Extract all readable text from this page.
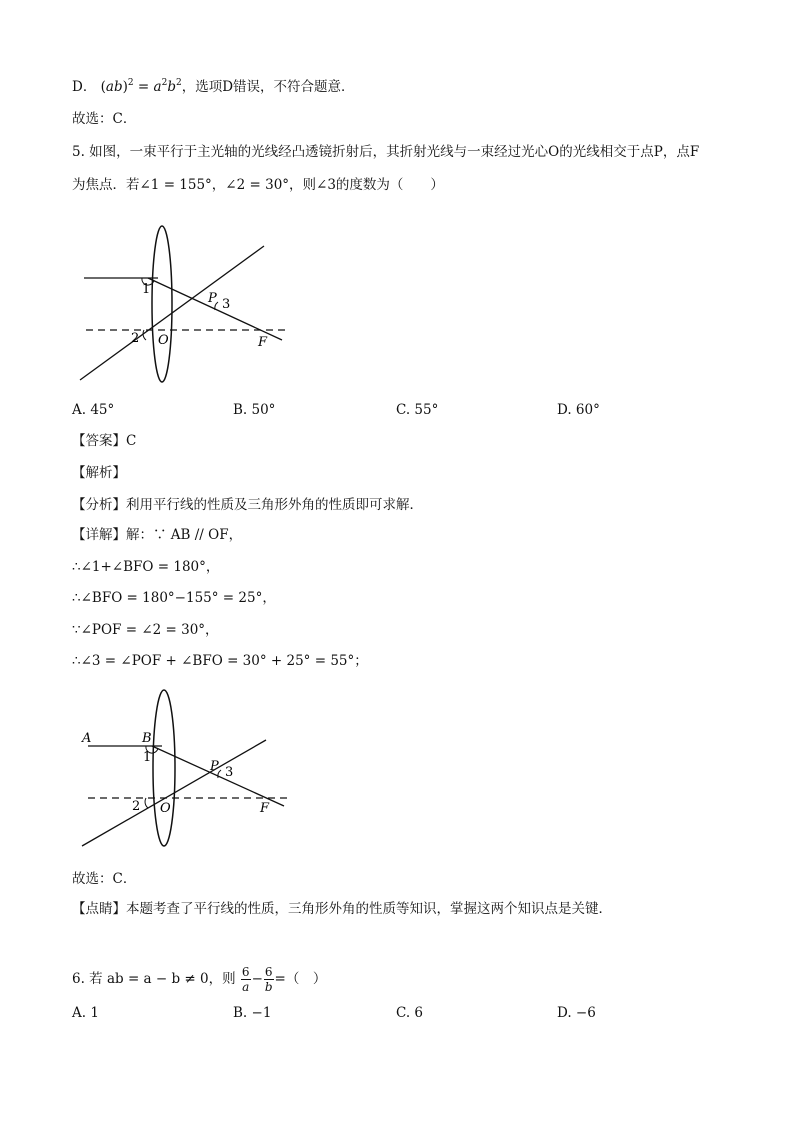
D． $(ab)^2 = a^2b^2$，选项D错误，不符合题意．
故选：C．
5. 如图，一束平行于主光轴的光线经凸透镜折射后，其折射光线与一束经过光心O的光线相交于点P，点F
为焦点．若∠1 = 155°，∠2 = 30°，则∠3的度数为（　　）
1
2
3
P
O	F
A. 45°	B. 50°	C. 55°	D. 60°
【答案】C
【解析】
【分析】利用平行线的性质及三角形外角的性质即可求解．
【详解】解：∵ AB // OF，
∴∠1+∠BFO = 180°，
∴∠BFO = 180°−155° = 25°，
∵∠POF = ∠2 = 30°，
∴∠3 = ∠POF + ∠BFO = 30° + 25° = 55°；
A	B
1
2
3
P
O	F
故选：C．
【点睛】本题考查了平行线的性质，三角形外角的性质等知识，掌握这两个知识点是关键．
6. 若 ab = a − b ≠ 0，则 $\frac{6}{a} - \frac{6}{b}$ =（　）
A. 1	B. −1	C. 6	D. −6
